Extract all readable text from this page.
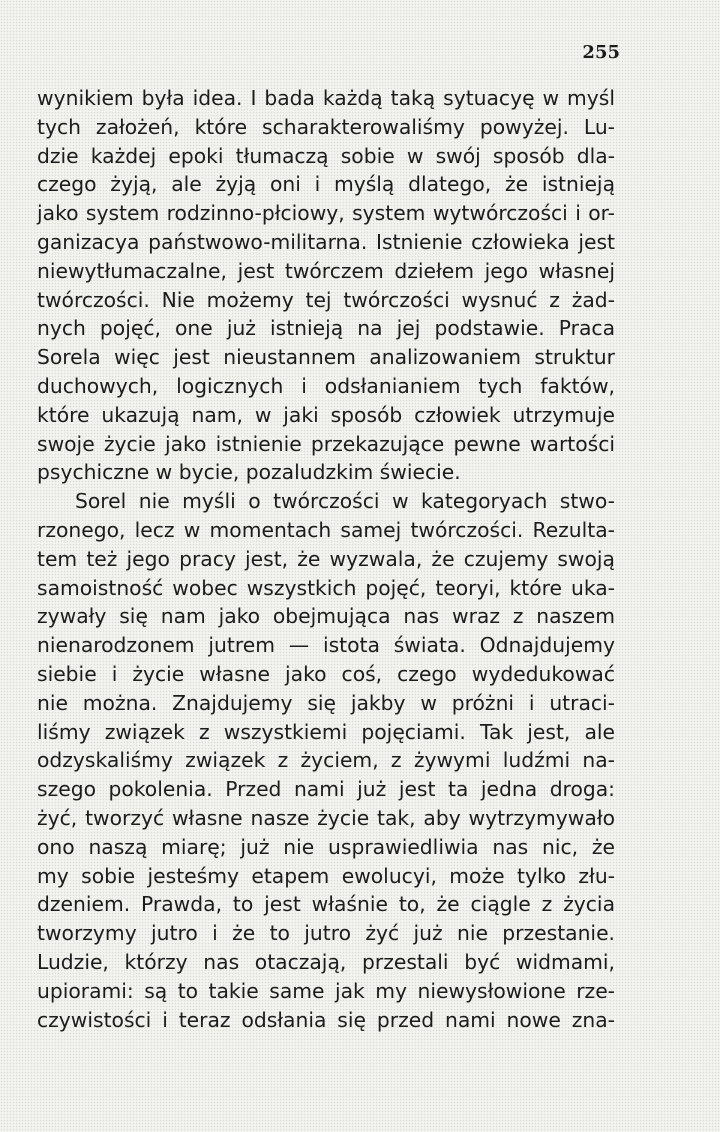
255
wynikiem była idea. I bada każdą taką sytuacyę w myśl
tych założeń, które scharakterowaliśmy powyżej. Lu-
dzie każdej epoki tłumaczą sobie w swój sposób dla-
czego żyją, ale żyją oni i myślą dlatego, że istnieją
jako system rodzinno-płciowy, system wytwórczości i or-
ganizacya państwowo-militarna. Istnienie człowieka jest
niewytłumaczalne, jest twórczem dziełem jego własnej
twórczości. Nie możemy tej twórczości wysnuć z żad-
nych pojęć, one już istnieją na jej podstawie. Praca
Sorela więc jest nieustannem analizowaniem struktur
duchowych, logicznych i odsłanianiem tych faktów,
które ukazują nam, w jaki sposób człowiek utrzymuje
swoje życie jako istnienie przekazujące pewne wartości
psychiczne w bycie, pozaludzkim świecie.
Sorel nie myśli o twórczości w kategoryach stwo-
rzonego, lecz w momentach samej twórczości. Rezulta-
tem też jego pracy jest, że wyzwala, że czujemy swoją
samoistność wobec wszystkich pojęć, teoryi, które uka-
zywały się nam jako obejmująca nas wraz z naszem
nienarodzonem jutrem — istota świata. Odnajdujemy
siebie i życie własne jako coś, czego wydedukować
nie można. Znajdujemy się jakby w próżni i utraci-
liśmy związek z wszystkiemi pojęciami. Tak jest, ale
odzyskaliśmy związek z życiem, z żywymi ludźmi na-
szego pokolenia. Przed nami już jest ta jedna droga:
żyć, tworzyć własne nasze życie tak, aby wytrzymywało
ono naszą miarę; już nie usprawiedliwia nas nic, że
my sobie jesteśmy etapem ewolucyi, może tylko złu-
dzeniem. Prawda, to jest właśnie to, że ciągle z życia
tworzymy jutro i że to jutro żyć już nie przestanie.
Ludzie, którzy nas otaczają, przestali być widmami,
upiorami: są to takie same jak my niewysłowione rze-
czywistości i teraz odsłania się przed nami nowe zna-
